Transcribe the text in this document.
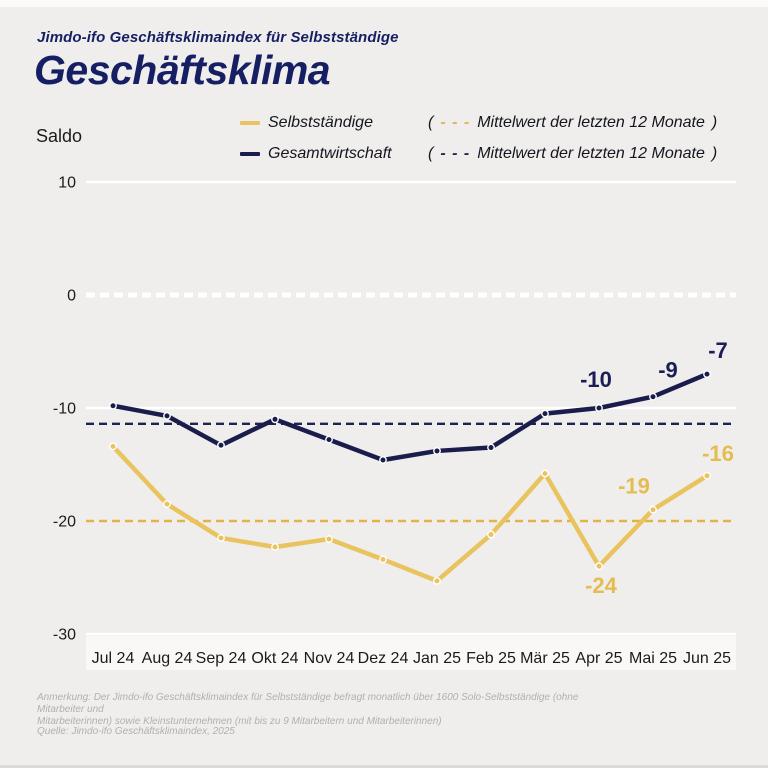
Jimdo-ifo Geschäftsklimaindex für Selbstständige
Geschäftsklima
Saldo
Selbstständige	( - - - Mittelwert der letzten 12 Monate )
Gesamtwirtschaft	( - - - Mittelwert der letzten 12 Monate )
10
0
-10
-20
-30
Jul 24 Aug 24 Sep 24 Okt 24 Nov 24 Dez 24 Jan 25 Feb 25 Mär 25 Apr 25 Mai 25 Jun 25
-24
-19
-16
-10 -9
-7
Anmerkung: Der Jimdo-ifo Geschäftsklimaindex für Selbstständige befragt monatlich über 1600 Solo-Selbstständige (ohne Mitarbeiter und
Mitarbeiterinnen) sowie Kleinstunternehmen (mit bis zu 9 Mitarbeitern und Mitarbeiterinnen)
Quelle: Jimdo-ifo Geschäftsklimaindex, 2025
